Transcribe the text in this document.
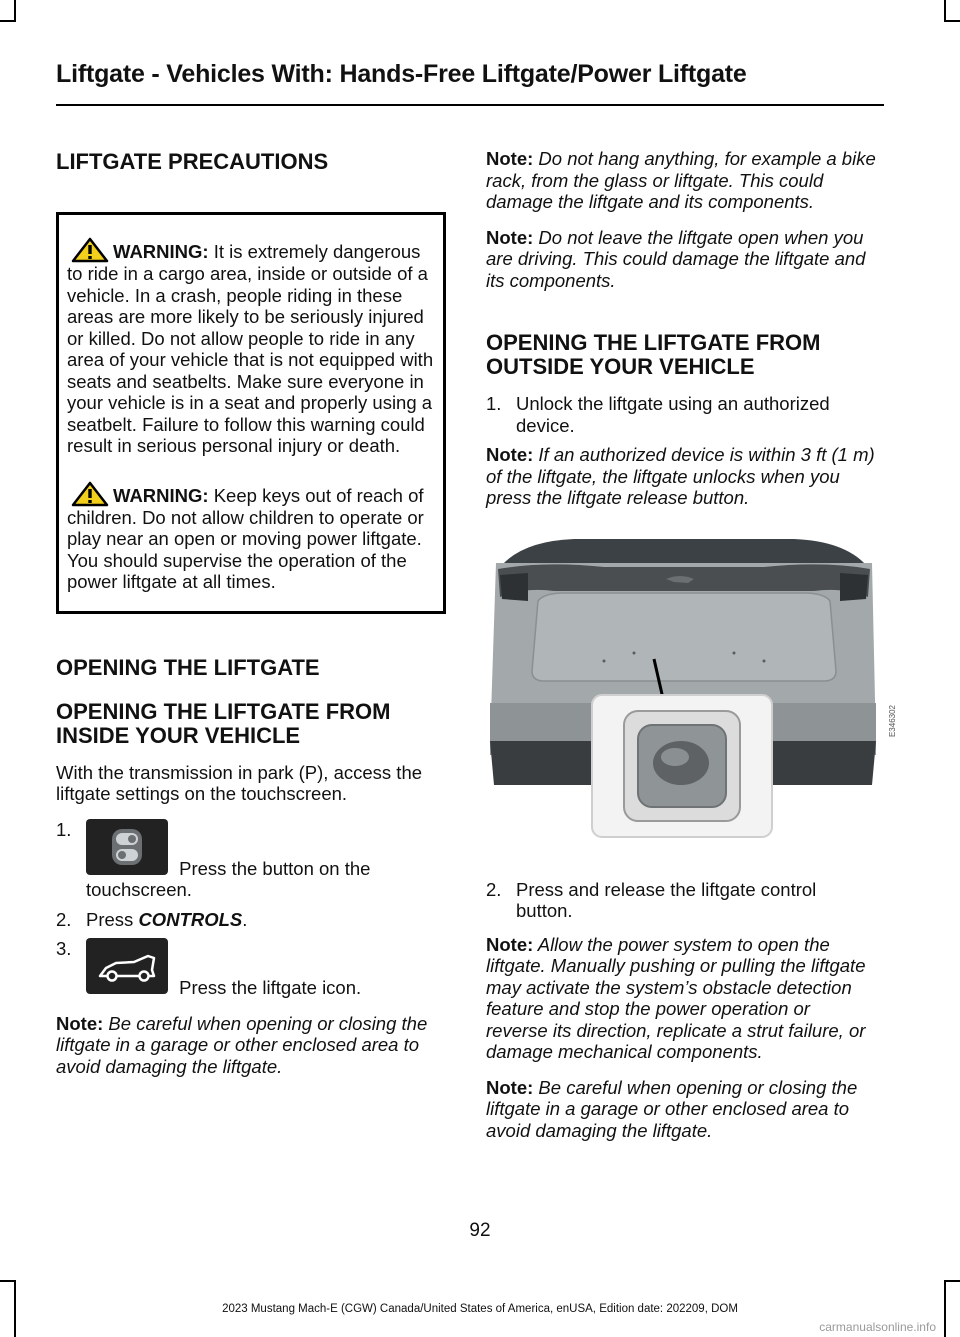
Liftgate - Vehicles With: Hands-Free Liftgate/Power Liftgate
LIFTGATE PRECAUTIONS

WARNING: It is extremely dangerous to ride in a cargo area, inside or outside of a vehicle. In a crash, people riding in these areas are more likely to be seriously injured or killed. Do not allow people to ride in any area of your vehicle that is not equipped with seats and seatbelts. Make sure everyone in your vehicle is in a seat and properly using a seatbelt. Failure to follow this warning could result in serious personal injury or death.

WARNING: Keep keys out of reach of children. Do not allow children to operate or play near an open or moving power liftgate. You should supervise the operation of the power liftgate at all times.

OPENING THE LIFTGATE
OPENING THE LIFTGATE FROM INSIDE YOUR VEHICLE

With the transmission in park (P), access the liftgate settings on the touchscreen.

1.
Press the button on the touchscreen.
2. Press CONTROLS.
3.
Press the liftgate icon.

Note: Be careful when opening or closing the liftgate in a garage or other enclosed area to avoid damaging the liftgate.

Note: Do not hang anything, for example a bike rack, from the glass or liftgate. This could damage the liftgate and its components.

Note: Do not leave the liftgate open when you are driving. This could damage the liftgate and its components.

OPENING THE LIFTGATE FROM OUTSIDE YOUR VEHICLE
1. Unlock the liftgate using an authorized device.

Note: If an authorized device is within 3 ft (1 m) of the liftgate, the liftgate unlocks when you press the liftgate release button.

E346302
2. Press and release the liftgate control button.

Note: Allow the power system to open the liftgate. Manually pushing or pulling the liftgate may activate the system’s obstacle detection feature and stop the power operation or reverse its direction, replicate a strut failure, or damage mechanical components.

Note: Be careful when opening or closing the liftgate in a garage or other enclosed area to avoid damaging the liftgate.

92
2023 Mustang Mach-E (CGW) Canada/United States of America, enUSA, Edition date: 202209, DOM
carmanualsonline.info
